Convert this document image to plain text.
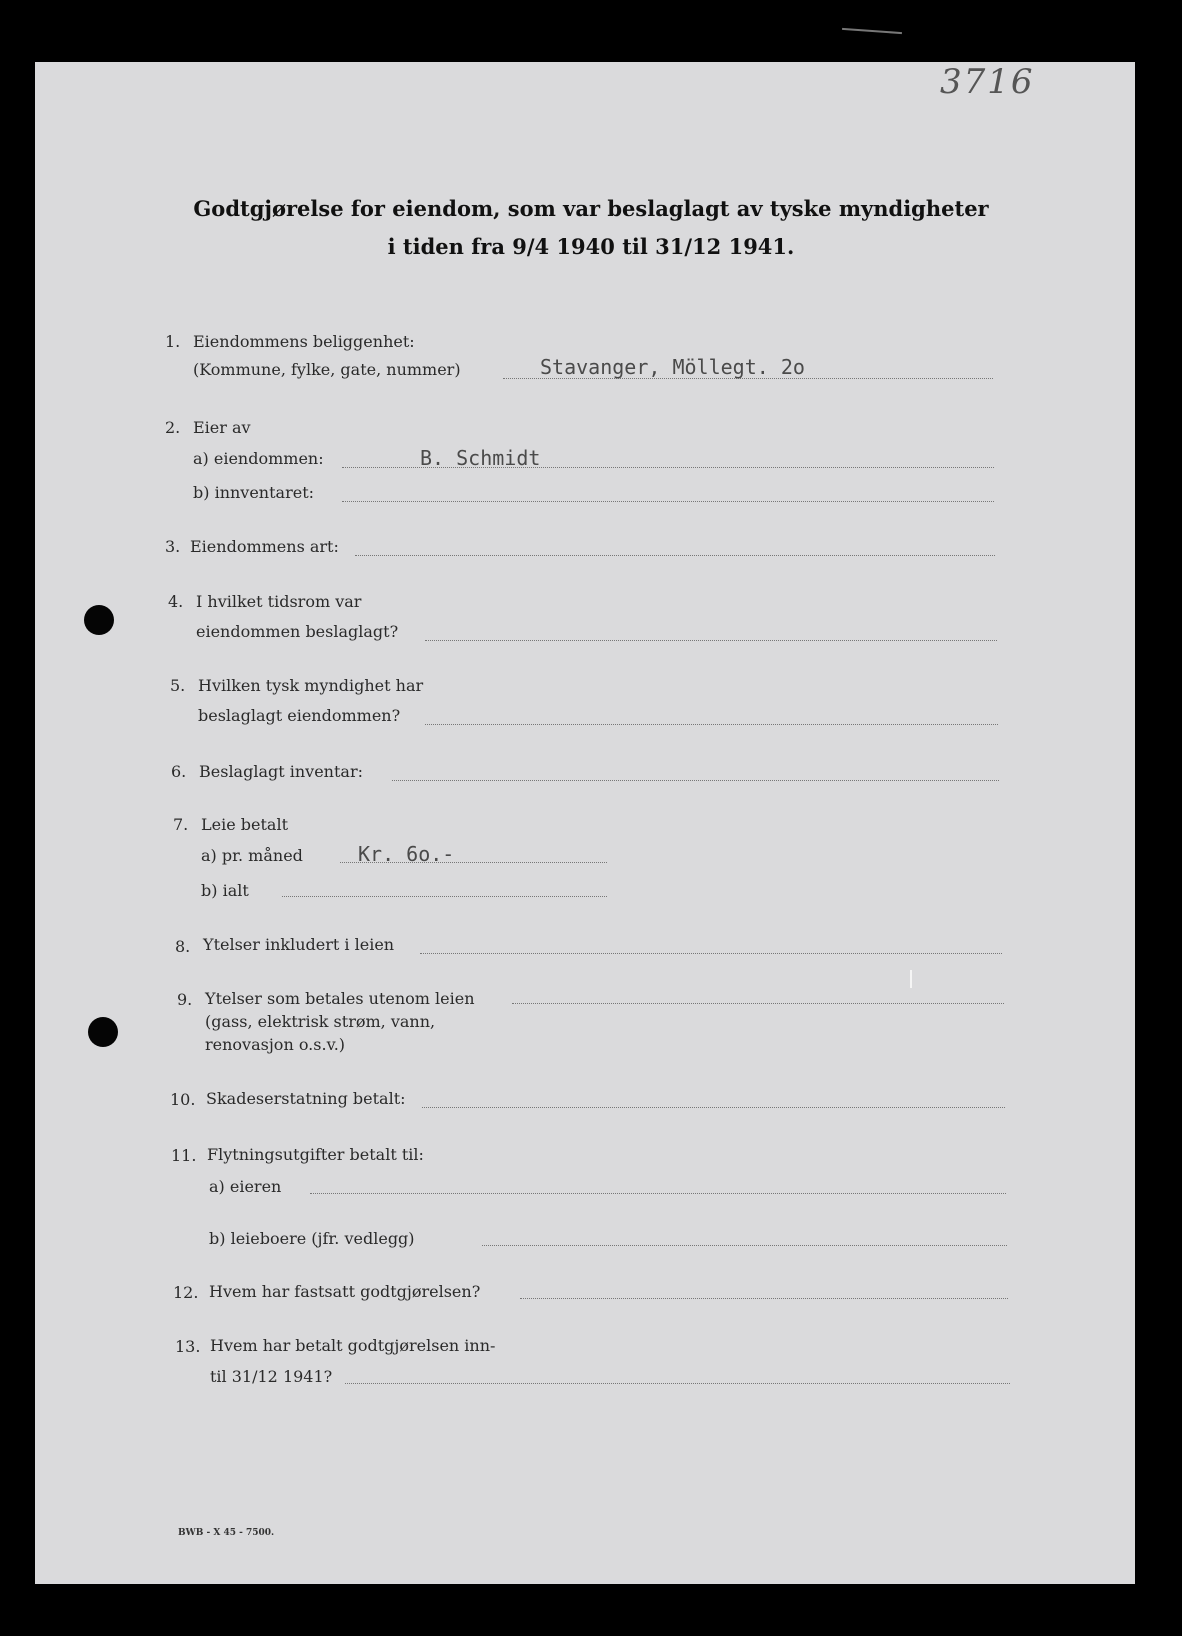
3716
Godtgjørelse for eiendom, som var beslaglagt av tyske myndigheter
i tiden fra 9/4 1940 til 31/12 1941.
1. Eiendommens beliggenhet:
(Kommune, fylke, gate, nummer)	Stavanger, Möllegt. 2o
2. Eier av
a) eiendommen:	B. Schmidt
b) innventaret:
3. Eiendommens art:
4. I hvilket tidsrom var
eiendommen beslaglagt?
5. Hvilken tysk myndighet har
beslaglagt eiendommen?
6. Beslaglagt inventar:
7. Leie betalt
a) pr. måned	Kr. 6o.-
b) ialt
8. Ytelser inkludert i leien
9. Ytelser som betales utenom leien
(gass, elektrisk strøm, vann,
renovasjon o.s.v.)
10. Skadeserstatning betalt:
11. Flytningsutgifter betalt til:
a) eieren
b) leieboere (jfr. vedlegg)
12. Hvem har fastsatt godtgjørelsen?
13. Hvem har betalt godtgjørelsen inn-
til 31/12 1941?
BWB - X 45 - 7500.
